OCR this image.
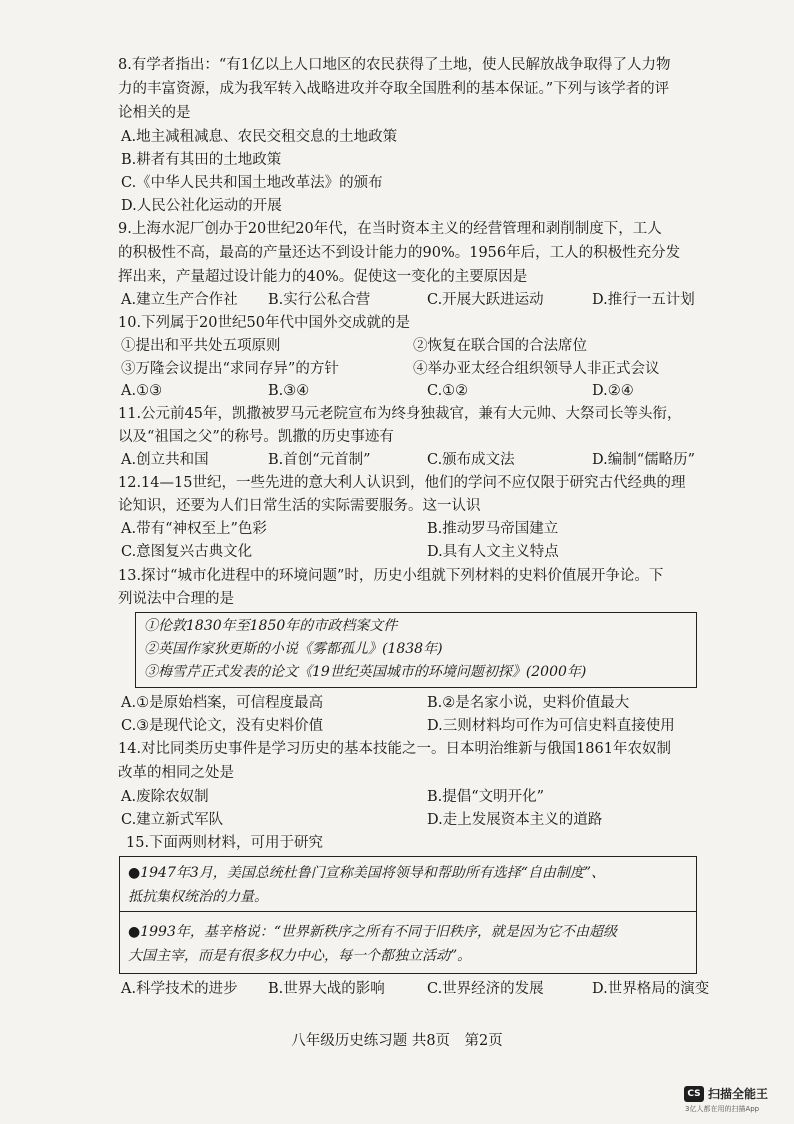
8.有学者指出：“有1亿以上人口地区的农民获得了土地，使人民解放战争取得了人力物
力的丰富资源，成为我军转入战略进攻并夺取全国胜利的基本保证。”下列与该学者的评
论相关的是
A.地主减租减息、农民交租交息的土地政策
B.耕者有其田的土地政策
C.《中华人民共和国土地改革法》的颁布
D.人民公社化运动的开展
9.上海水泥厂创办于20世纪20年代，在当时资本主义的经营管理和剥削制度下，工人
的积极性不高，最高的产量还达不到设计能力的90%。1956年后，工人的积极性充分发
挥出来，产量超过设计能力的40%。促使这一变化的主要原因是
A.建立生产合作社 B.实行公私合营	C.开展大跃进运动	D.推行一五计划
10.下列属于20世纪50年代中国外交成就的是
①提出和平共处五项原则	②恢复在联合国的合法席位
③万隆会议提出“求同存异”的方针	④举办亚太经合组织领导人非正式会议
A.①③	B.③④	C.①②	D.②④
11.公元前45年，凯撒被罗马元老院宣布为终身独裁官，兼有大元帅、大祭司长等头衔，
以及“祖国之父”的称号。凯撒的历史事迹有
A.创立共和国	B.首创“元首制”	C.颁布成文法	D.编制“儒略历”
12.14—15世纪，一些先进的意大利人认识到，他们的学问不应仅限于研究古代经典的理
论知识，还要为人们日常生活的实际需要服务。这一认识
A.带有“神权至上”色彩	B.推动罗马帝国建立
C.意图复兴古典文化	D.具有人文主义特点
13.探讨“城市化进程中的环境问题”时，历史小组就下列材料的史料价值展开争论。下
列说法中合理的是
①伦敦1830年至1850年的市政档案文件
②英国作家狄更斯的小说《雾都孤儿》(1838年)
③梅雪芹正式发表的论文《19世纪英国城市的环境问题初探》(2000年)
A.①是原始档案，可信程度最高	B.②是名家小说，史料价值最大
C.③是现代论文，没有史料价值	D.三则材料均可作为可信史料直接使用
14.对比同类历史事件是学习历史的基本技能之一。日本明治维新与俄国1861年农奴制
改革的相同之处是
A.废除农奴制	B.提倡“文明开化”
C.建立新式军队	D.走上发展资本主义的道路
15.下面两则材料，可用于研究
●1947年3月，美国总统杜鲁门宣称美国将领导和帮助所有选择“自由制度”、
抵抗集权统治的力量。
●1993年，基辛格说：“世界新秩序之所有不同于旧秩序，就是因为它不由超级
大国主宰，而是有很多权力中心，每一个都独立活动”。
A.科学技术的进步 B.世界大战的影响	C.世界经济的发展	D.世界格局的演变
八年级历史练习题 共8页　第2页
CS 扫描全能王
3亿人都在用的扫描App
